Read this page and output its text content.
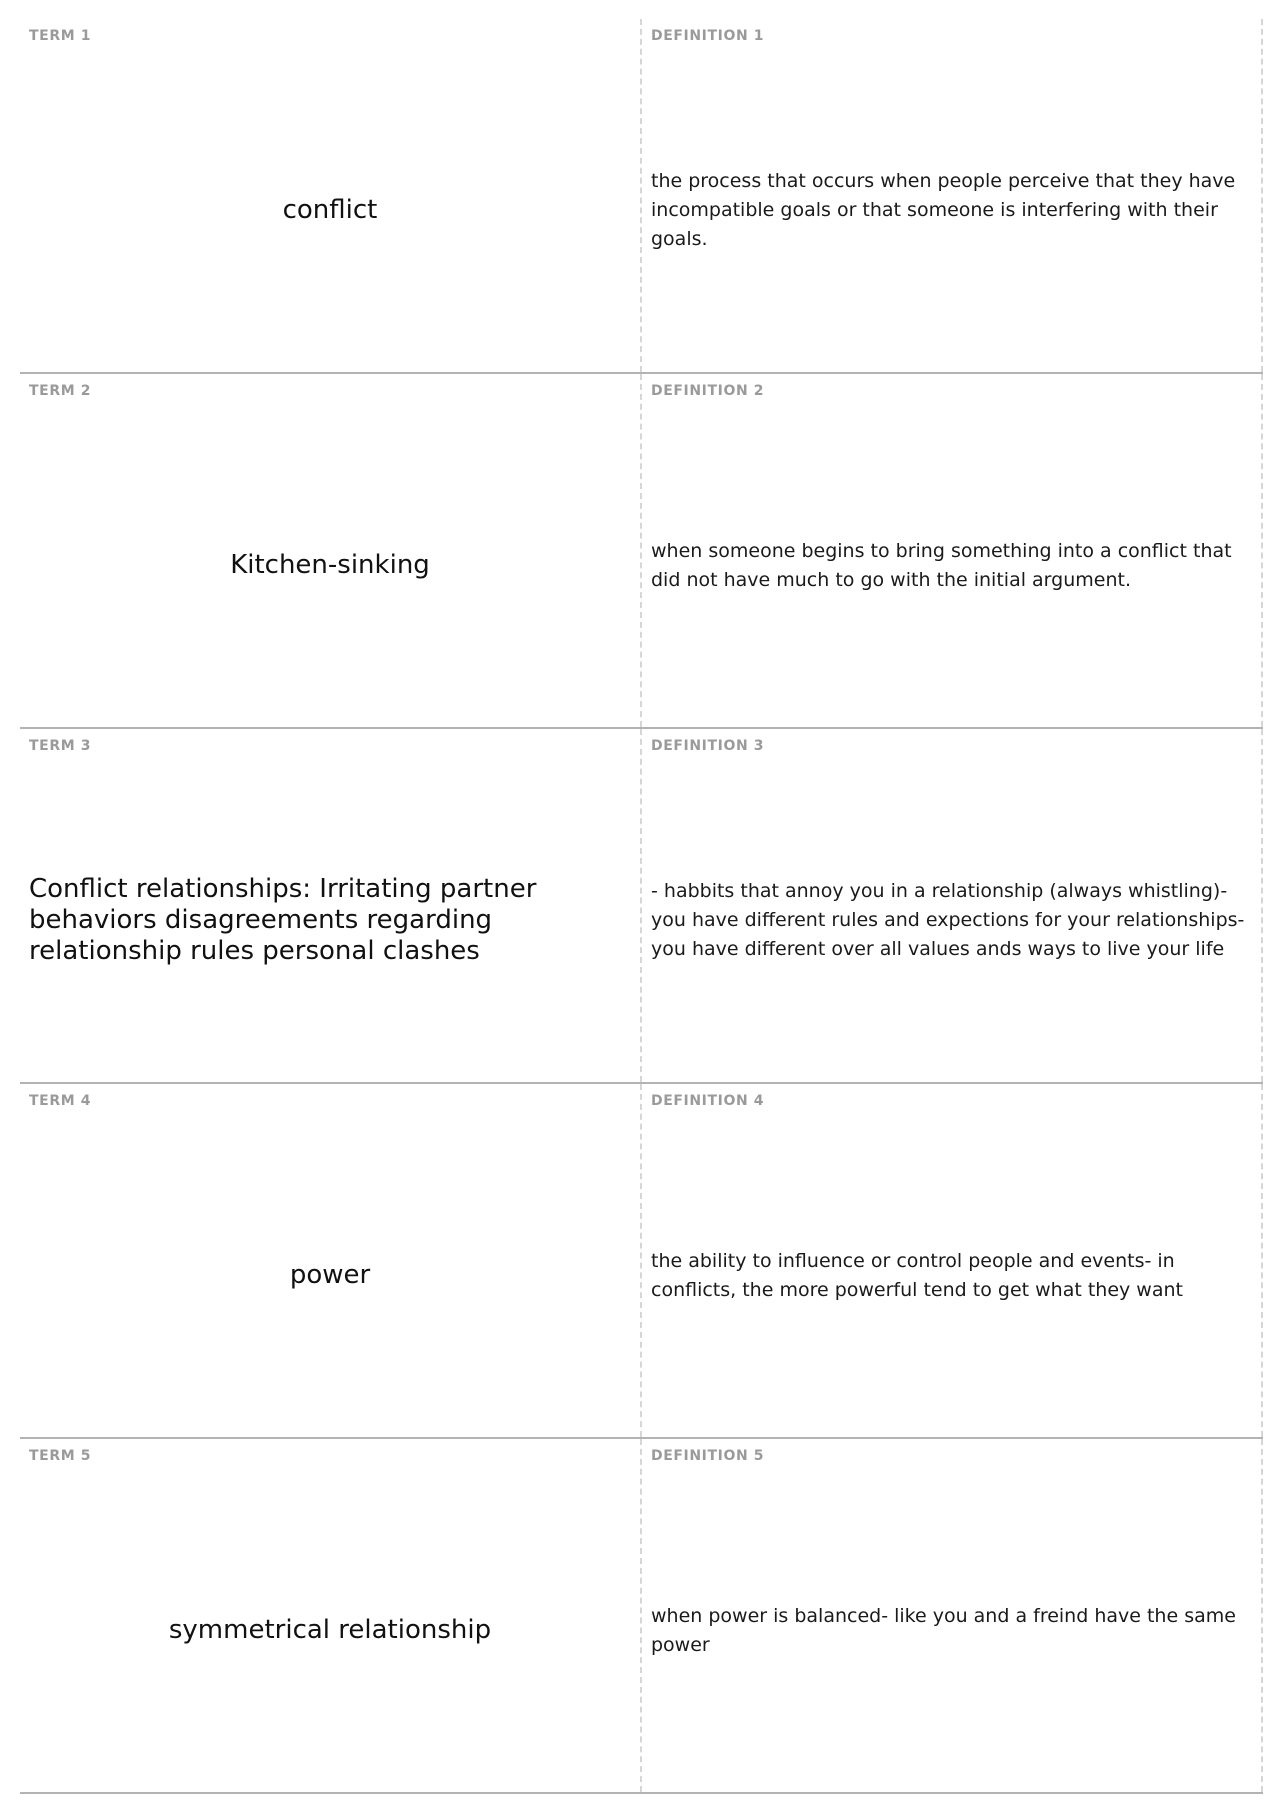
TERM 1
conflict
DEFINITION 1
the process that occurs when people perceive that they have incompatible goals or that someone is interfering with their goals.
TERM 2
Kitchen-sinking
DEFINITION 2
when someone begins to bring something into a conflict that did not have much to go with the initial argument.
TERM 3
Conflict relationships: Irritating partner behaviors disagreements regarding relationship rules personal clashes
DEFINITION 3
- habbits that annoy you in a relationship (always whistling)- you have different rules and expections for your relationships- you have different over all values ands ways to live your life
TERM 4
power
DEFINITION 4
the ability to influence or control people and events- in conflicts, the more powerful tend to get what they want
TERM 5
symmetrical relationship
DEFINITION 5
when power is balanced- like you and a freind have the same power
